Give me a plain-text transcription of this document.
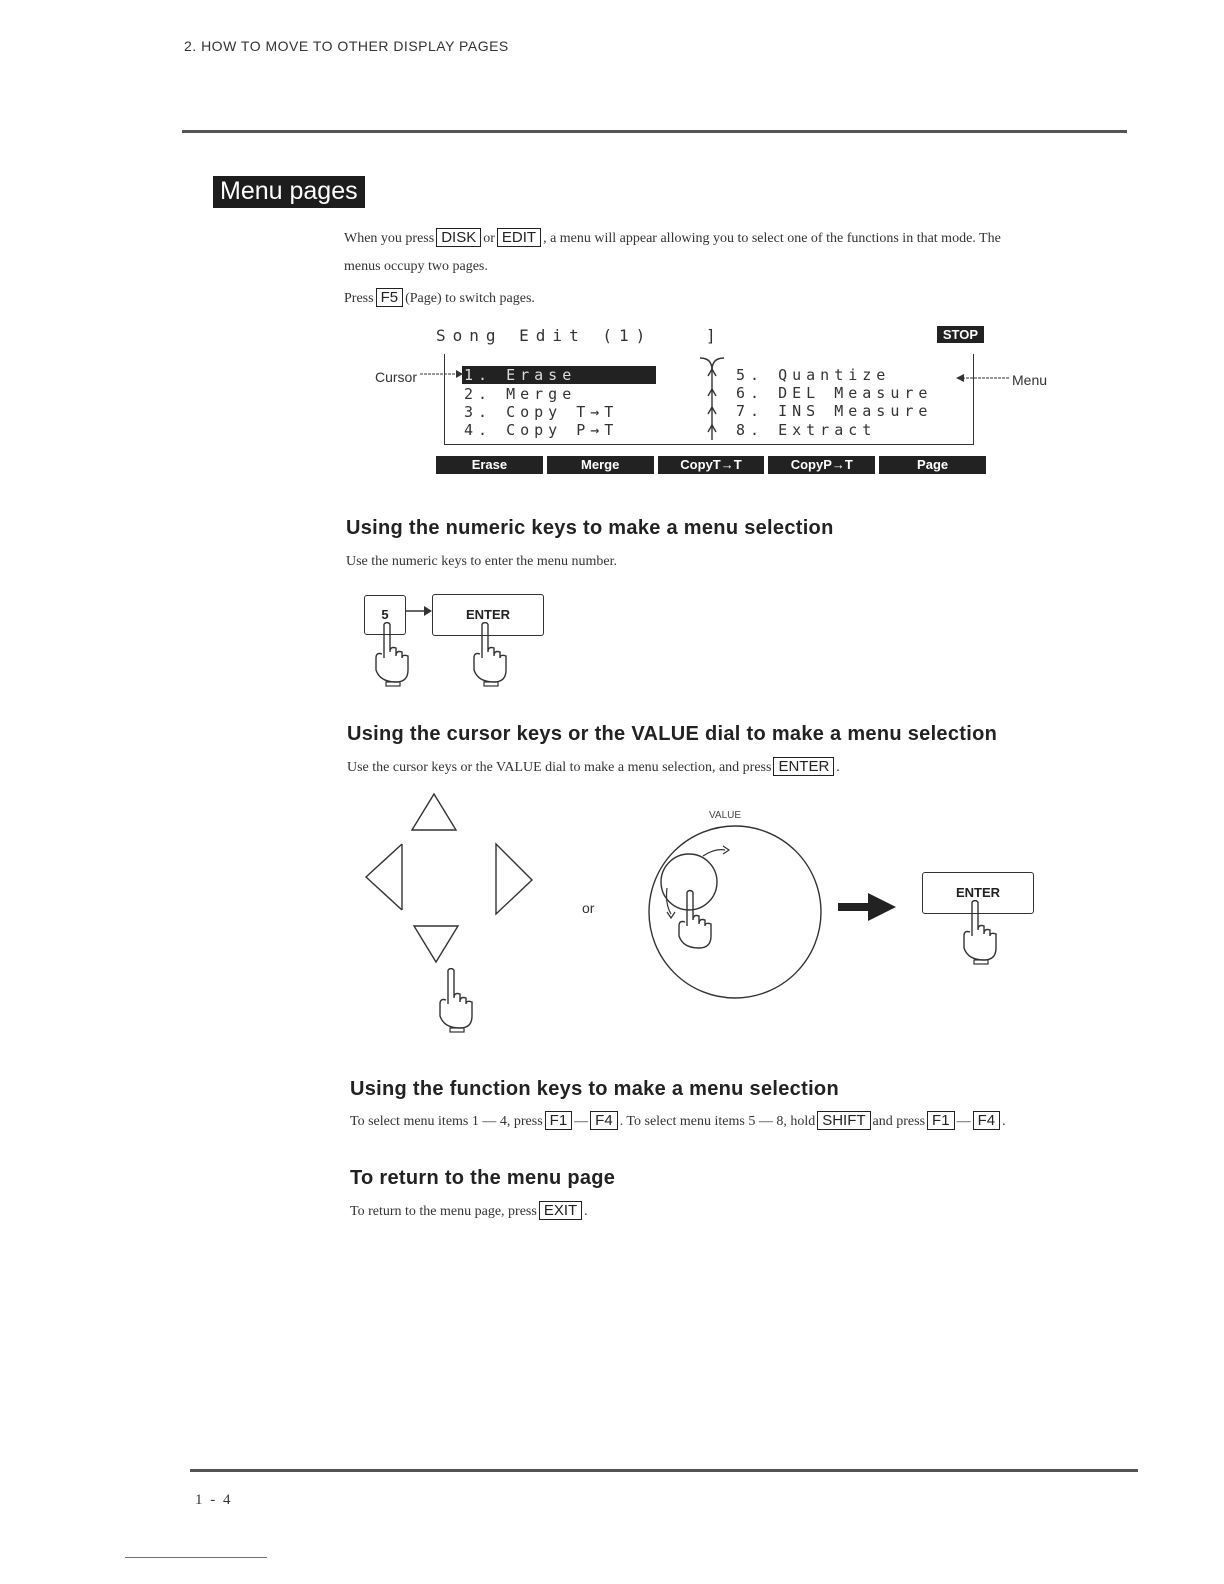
2. HOW TO MOVE TO OTHER DISPLAY PAGES
Menu pages
When you press DISK or EDIT , a menu will appear allowing you to select one of the functions in that mode. The
menus occupy two pages.
Press F5 (Page) to switch pages.
Song Edit (1)	]	STOP
1. Erase
2. Merge
3. Copy T→T
4. Copy P→T
5. Quantize
6. DEL Measure
7. INS Measure
8. Extract
Erase	Merge	CopyT→T	CopyP→T	Page
Cursor	Menu
Using the numeric keys to make a menu selection
Use the numeric keys to enter the menu number.
5	ENTER
Using the cursor keys or the VALUE dial to make a menu selection
Use the cursor keys or the VALUE dial to make a menu selection, and press ENTER .
or
VALUE
ENTER
Using the function keys to make a menu selection
To select menu items 1 — 4, press F1 — F4 . To select menu items 5 — 8, hold SHIFT and press F1 — F4 .
To return to the menu page
To return to the menu page, press EXIT .
1 - 4
